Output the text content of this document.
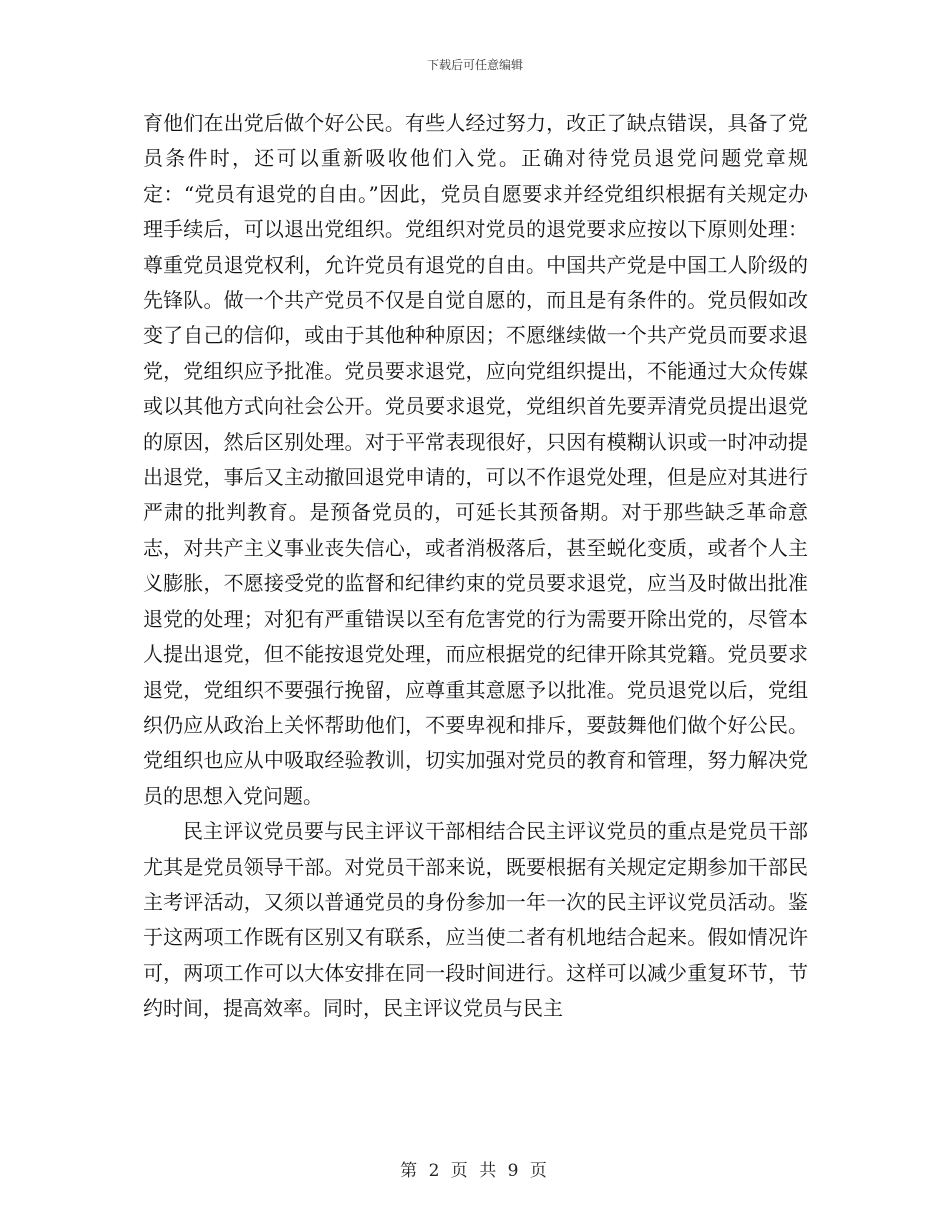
下载后可任意编辑

育他们在出党后做个好公民。有些人经过努力，改正了缺点错误，具备了党员条件时，还可以重新吸收他们入党。正确对待党员退党问题党章规定：“党员有退党的自由。”因此，党员自愿要求并经党组织根据有关规定办理手续后，可以退出党组织。党组织对党员的退党要求应按以下原则处理：尊重党员退党权利，允许党员有退党的自由。中国共产党是中国工人阶级的先锋队。做一个共产党员不仅是自觉自愿的，而且是有条件的。党员假如改变了自己的信仰，或由于其他种种原因；不愿继续做一个共产党员而要求退党，党组织应予批准。党员要求退党，应向党组织提出，不能通过大众传媒或以其他方式向社会公开。党员要求退党，党组织首先要弄清党员提出退党的原因，然后区别处理。对于平常表现很好，只因有模糊认识或一时冲动提出退党，事后又主动撤回退党申请的，可以不作退党处理，但是应对其进行严肃的批判教育。是预备党员的，可延长其预备期。对于那些缺乏革命意志，对共产主义事业丧失信心，或者消极落后，甚至蜕化变质，或者个人主义膨胀，不愿接受党的监督和纪律约束的党员要求退党，应当及时做出批准退党的处理；对犯有严重错误以至有危害党的行为需要开除出党的，尽管本人提出退党，但不能按退党处理，而应根据党的纪律开除其党籍。党员要求退党，党组织不要强行挽留，应尊重其意愿予以批准。党员退党以后，党组织仍应从政治上关怀帮助他们，不要卑视和排斥，要鼓舞他们做个好公民。党组织也应从中吸取经验教训，切实加强对党员的教育和管理，努力解决党员的思想入党问题。

民主评议党员要与民主评议干部相结合民主评议党员的重点是党员干部尤其是党员领导干部。对党员干部来说，既要根据有关规定定期参加干部民主考评活动，又须以普通党员的身份参加一年一次的民主评议党员活动。鉴于这两项工作既有区别又有联系，应当使二者有机地结合起来。假如情况许可，两项工作可以大体安排在同一段时间进行。这样可以减少重复环节，节约时间，提高效率。同时，民主评议党员与民主

第 2 页 共 9 页
